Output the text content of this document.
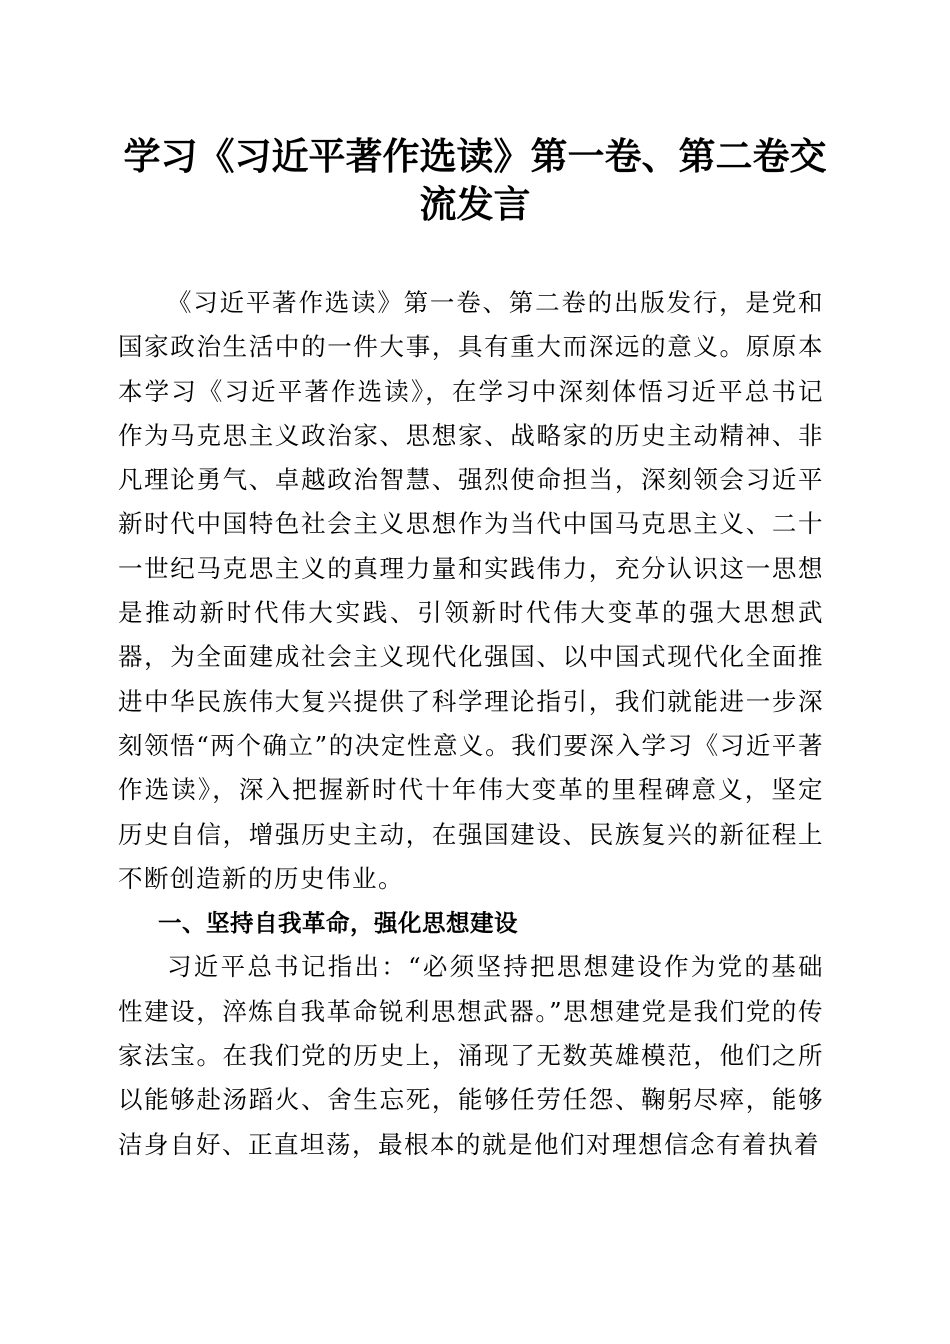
学习《习近平著作选读》第一卷、第二卷交流发言

《习近平著作选读》第一卷、第二卷的出版发行，是党和国家政治生活中的一件大事，具有重大而深远的意义。原原本本学习《习近平著作选读》，在学习中深刻体悟习近平总书记作为马克思主义政治家、思想家、战略家的历史主动精神、非凡理论勇气、卓越政治智慧、强烈使命担当，深刻领会习近平新时代中国特色社会主义思想作为当代中国马克思主义、二十一世纪马克思主义的真理力量和实践伟力，充分认识这一思想是推动新时代伟大实践、引领新时代伟大变革的强大思想武器，为全面建成社会主义现代化强国、以中国式现代化全面推进中华民族伟大复兴提供了科学理论指引，我们就能进一步深刻领悟“两个确立”的决定性意义。我们要深入学习《习近平著作选读》，深入把握新时代十年伟大变革的里程碑意义，坚定历史自信，增强历史主动，在强国建设、民族复兴的新征程上不断创造新的历史伟业。

一、坚持自我革命，强化思想建设

习近平总书记指出：“必须坚持把思想建设作为党的基础性建设，淬炼自我革命锐利思想武器。”思想建党是我们党的传家法宝。在我们党的历史上，涌现了无数英雄模范，他们之所以能够赴汤蹈火、舍生忘死，能够任劳任怨、鞠躬尽瘁，能够洁身自好、正直坦荡，最根本的就是他们对理想信念有着执着
